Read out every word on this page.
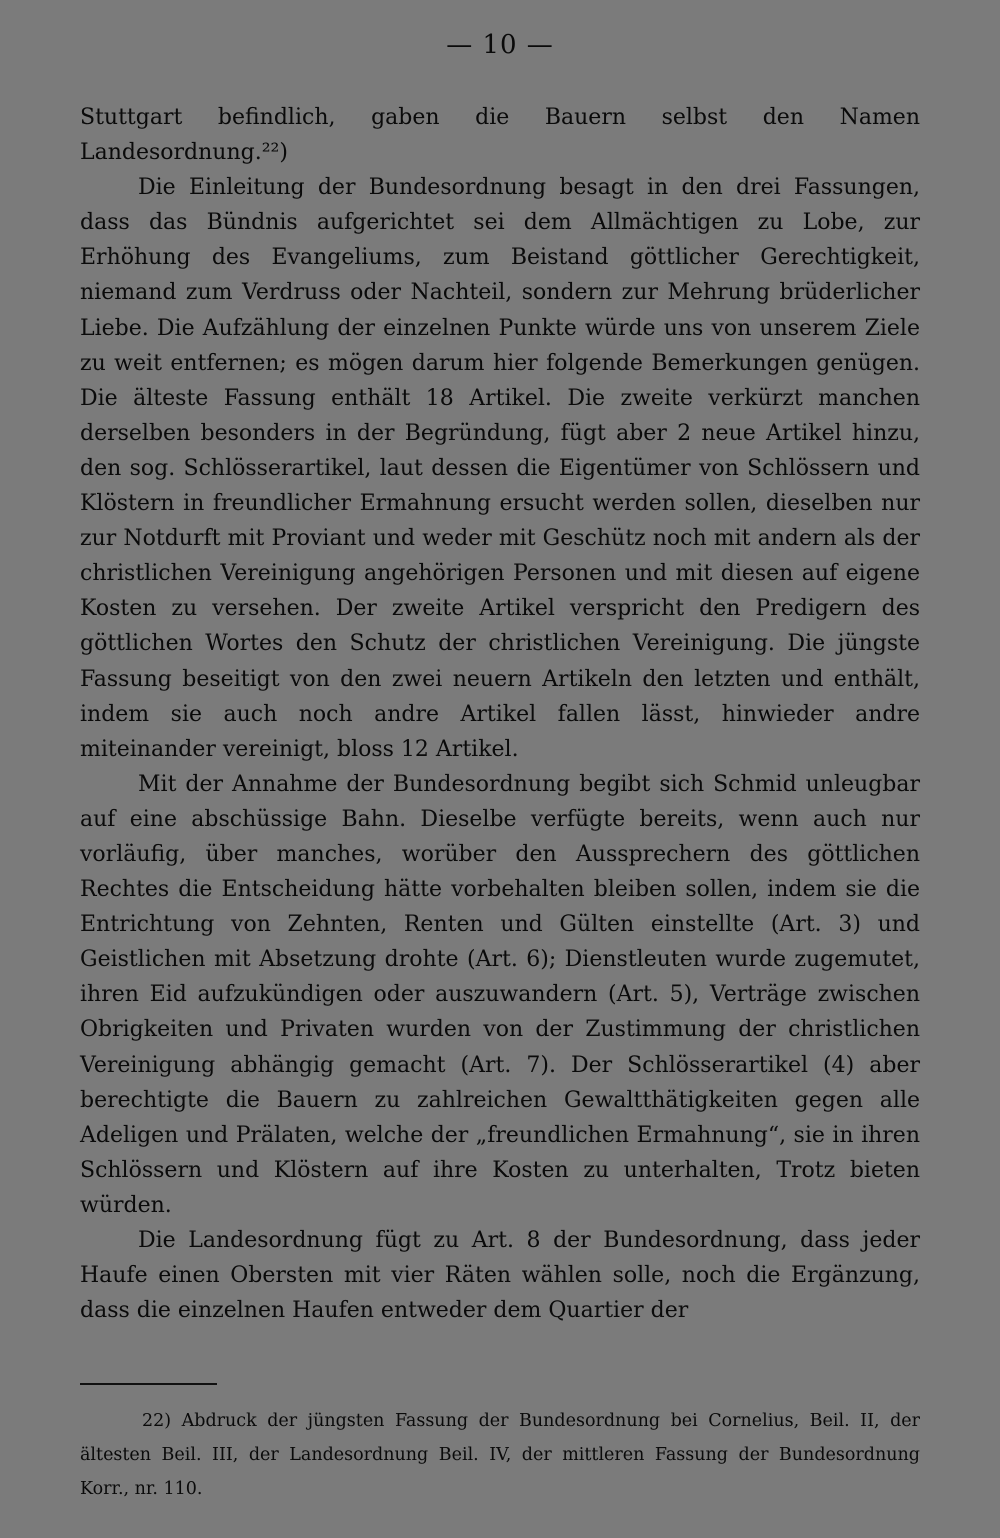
— 10 —

Stuttgart befindlich, gaben die Bauern selbst den Namen Landesordnung.²²)

Die Einleitung der Bundesordnung besagt in den drei Fassungen, dass das Bündnis aufgerichtet sei dem Allmächtigen zu Lobe, zur Erhöhung des Evangeliums, zum Beistand göttlicher Gerechtigkeit, niemand zum Verdruss oder Nachteil, sondern zur Mehrung brüderlicher Liebe. Die Aufzählung der einzelnen Punkte würde uns von unserem Ziele zu weit entfernen; es mögen darum hier folgende Bemerkungen genügen. Die älteste Fassung enthält 18 Artikel. Die zweite verkürzt manchen derselben besonders in der Begründung, fügt aber 2 neue Artikel hinzu, den sog. Schlösserartikel, laut dessen die Eigentümer von Schlössern und Klöstern in freundlicher Ermahnung ersucht werden sollen, dieselben nur zur Notdurft mit Proviant und weder mit Geschütz noch mit andern als der christlichen Vereinigung angehörigen Personen und mit diesen auf eigene Kosten zu versehen. Der zweite Artikel verspricht den Predigern des göttlichen Wortes den Schutz der christlichen Vereinigung. Die jüngste Fassung beseitigt von den zwei neuern Artikeln den letzten und enthält, indem sie auch noch andre Artikel fallen lässt, hinwieder andre miteinander vereinigt, bloss 12 Artikel.

Mit der Annahme der Bundesordnung begibt sich Schmid unleugbar auf eine abschüssige Bahn. Dieselbe verfügte bereits, wenn auch nur vorläufig, über manches, worüber den Aussprechern des göttlichen Rechtes die Entscheidung hätte vorbehalten bleiben sollen, indem sie die Entrichtung von Zehnten, Renten und Gülten einstellte (Art. 3) und Geistlichen mit Absetzung drohte (Art. 6); Dienstleuten wurde zugemutet, ihren Eid aufzukündigen oder auszuwandern (Art. 5), Verträge zwischen Obrigkeiten und Privaten wurden von der Zustimmung der christlichen Vereinigung abhängig gemacht (Art. 7). Der Schlösserartikel (4) aber berechtigte die Bauern zu zahlreichen Gewaltthätigkeiten gegen alle Adeligen und Prälaten, welche der „freundlichen Ermahnung“, sie in ihren Schlössern und Klöstern auf ihre Kosten zu unterhalten, Trotz bieten würden.

Die Landesordnung fügt zu Art. 8 der Bundesordnung, dass jeder Haufe einen Obersten mit vier Räten wählen solle, noch die Ergänzung, dass die einzelnen Haufen entweder dem Quartier der

22) Abdruck der jüngsten Fassung der Bundesordnung bei Cornelius, Beil. II, der ältesten Beil. III, der Landesordnung Beil. IV, der mittleren Fassung der Bundesordnung Korr., nr. 110.
